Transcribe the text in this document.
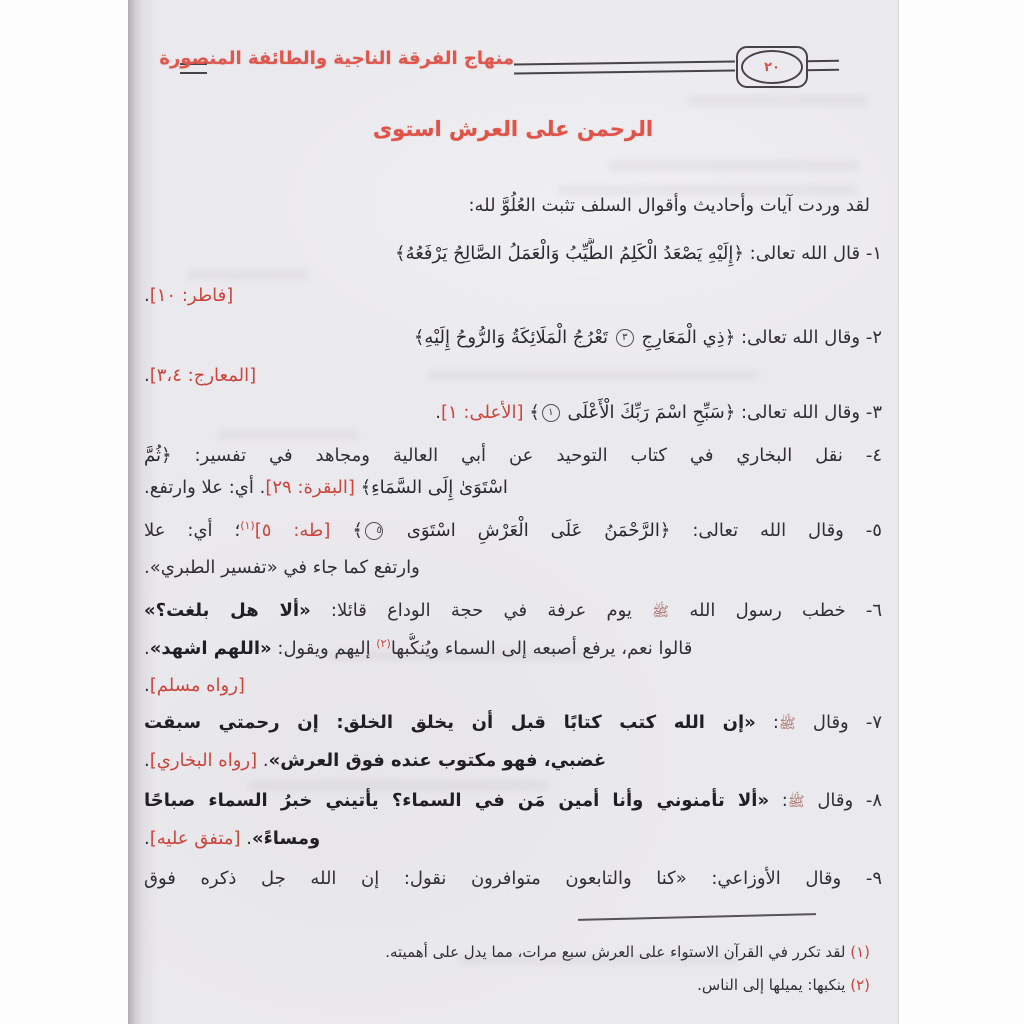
منهاج الفرقة الناجية والطائفة المنصورة	٢٠
الرحمن على العرش استوى
لقد وردت آيات وأحاديث وأقوال السلف تثبت العُلُوَّ لله:
١- قال الله تعالى: ﴿إِلَيْهِ يَصْعَدُ الْكَلِمُ الطَّيِّبُ وَالْعَمَلُ الصَّالِحُ يَرْفَعُهُ﴾
[فاطر: ١٠].
٢- وقال الله تعالى: ﴿ذِي الْمَعَارِجِ ٣ تَعْرُجُ الْمَلَائِكَةُ وَالرُّوحُ إِلَيْهِ﴾
[المعارج: ٣،٤].
٣- وقال الله تعالى: ﴿سَبِّحِ اسْمَ رَبِّكَ الْأَعْلَى ١﴾ [الأعلى: ١].
٤- نقل البخاري في كتاب التوحيد عن أبي العالية ومجاهد في تفسير: ﴿ثُمَّ
اسْتَوَىٰ إِلَى السَّمَاءِ﴾ [البقرة: ٢٩]. أي: علا وارتفع.
٥- وقال الله تعالى: ﴿الرَّحْمَنُ عَلَى الْعَرْشِ اسْتَوَى ٥﴾ [طه: ٥]$^{(١)}$؛ أي: علا
وارتفع كما جاء في «تفسير الطبري».
٦- خطب رسول الله ﷺ يوم عرفة في حجة الوداع قائلا: «ألا هل بلغت؟»
قالوا نعم، يرفع أصبعه إلى السماء ويُنكُّبها$^{(٢)}$ إليهم ويقول: «اللهم اشهد».
[رواه مسلم].
٧- وقال ﷺ: «إن الله كتب كتابًا قبل أن يخلق الخلق: إن رحمتي سبقت
غضبي، فهو مكتوب عنده فوق العرش». [رواه البخاري].
٨- وقال ﷺ: «ألا تأمنوني وأنا أمين مَن في السماء؟ يأتيني خبرُ السماء صباحًا
ومساءً». [متفق عليه].
٩- وقال الأوزاعي: «كنا والتابعون متوافرون نقول: إن الله جل ذكره فوق
(١) لقد تكرر في القرآن الاستواء على العرش سبع مرات، مما يدل على أهميته.
(٢) ينكبها: يميلها إلى الناس.
